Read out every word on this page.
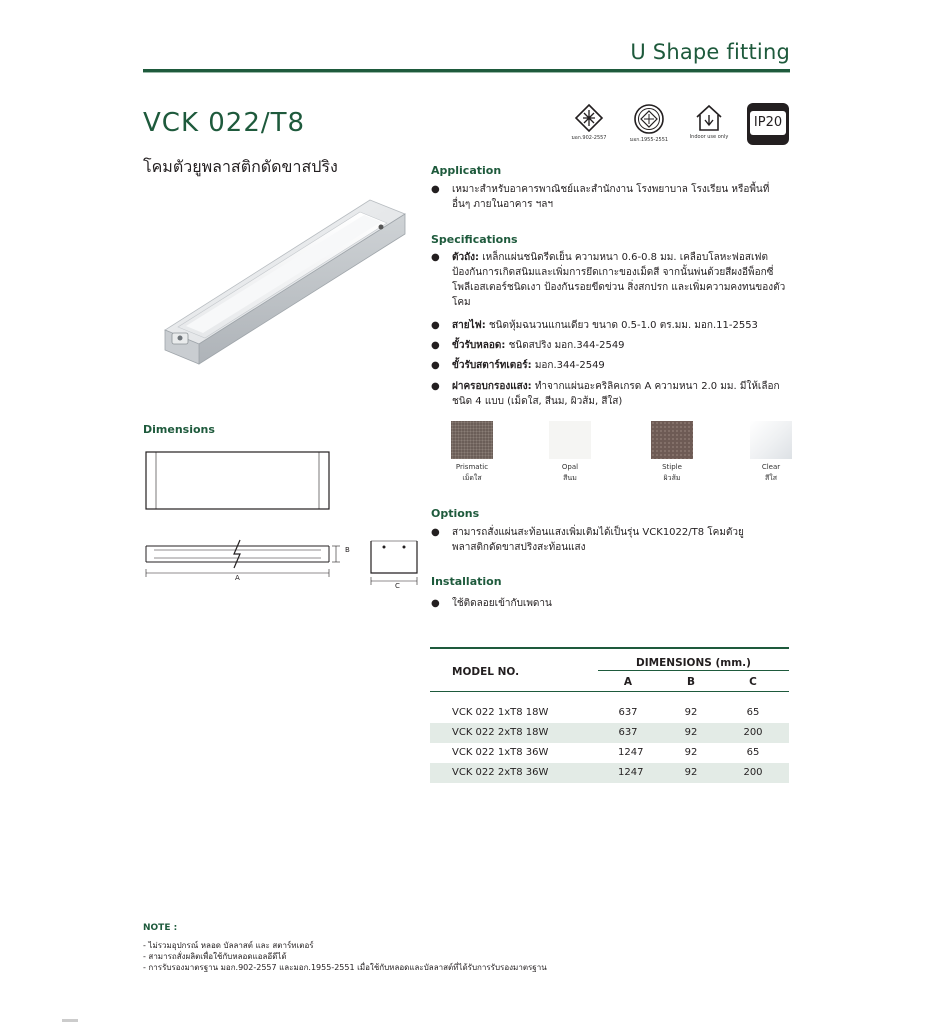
U Shape fitting
VCK 022/T8
โคมตัวยูพลาสติกดัดขาสปริง
มอก.902-2557	มอก.1955-2551	Indoor use only
IP20
Dimensions
A
B
C
Application
● เหมาะสำหรับอาคารพาณิชย์และสำนักงาน โรงพยาบาล โรงเรียน หรือพื้นที่อื่นๆ ภายในอาคาร ฯลฯ
Specifications
● ตัวถัง: เหล็กแผ่นชนิดรีดเย็น ความหนา 0.6-0.8 มม. เคลือบโลหะฟอสเฟต ป้องกันการเกิดสนิมและเพิ่มการยึดเกาะของเม็ดสี จากนั้นพ่นด้วยสีผงอีพ็อกซี่ โพลีเอสเตอร์ชนิดเงา ป้องกันรอยขีดข่วน สิ่งสกปรก และเพิ่มความคงทนของตัวโคม
● สายไฟ: ชนิดหุ้มฉนวนแกนเดียว ขนาด 0.5-1.0 ตร.มม. มอก.11-2553
● ขั้วรับหลอด: ชนิดสปริง มอก.344-2549
● ขั้วรับสตาร์ทเตอร์: มอก.344-2549
● ฝาครอบกรองแสง: ทำจากแผ่นอะคริลิคเกรด A ความหนา 2.0 มม. มีให้เลือกชนิด 4 แบบ (เม็ดใส, สีนม, ผิวส้ม, สีใส)
Prismatic
เม็ดใส
Opal
สีนม
Stiple
ผิวส้ม
Clear
สีใส
Options
● สามารถสั่งแผ่นสะท้อนแสงเพิ่มเติมได้เป็นรุ่น VCK1022/T8 โคมตัวยูพลาสติกดัดขาสปริงสะท้อนแสง
Installation
● ใช้ติดลอยเข้ากับเพดาน
MODEL NO.
DIMENSIONS (mm.)
A	B	C
VCK 022 1xT8 18W	637	92	65
VCK 022 2xT8 18W	637	92	200
VCK 022 1xT8 36W	1247	92	65
VCK 022 2xT8 36W	1247	92	200
NOTE :
- ไม่รวมอุปกรณ์ หลอด บัลลาสต์ และ สตาร์ทเตอร์
- สามารถสั่งผลิตเพื่อใช้กับหลอดแอลอีดีได้
- การรับรองมาตรฐาน มอก.902-2557 และมอก.1955-2551 เมื่อใช้กับหลอดและบัลลาสต์ที่ได้รับการรับรองมาตรฐาน
